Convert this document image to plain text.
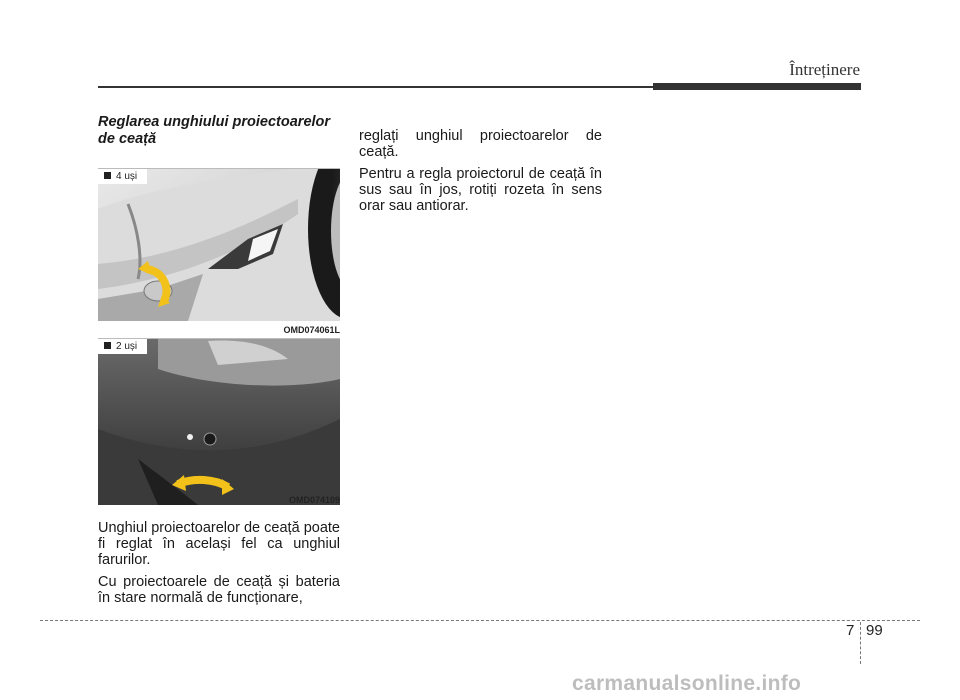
Întreținere
Reglarea unghiului proiectoarelor de ceață
4 uși
OMD074061L
2 uși
OMD074109

Unghiul proiectoarelor de ceață poate fi reglat în același fel ca unghiul farurilor.

Cu proiectoarele de ceață și bateria în stare normală de funcționare,

reglați unghiul proiectoarelor de ceață.

Pentru a regla proiectorul de ceață în sus sau în jos, rotiți rozeta în sens orar sau antiorar.

7 99
carmanualsonline.info
